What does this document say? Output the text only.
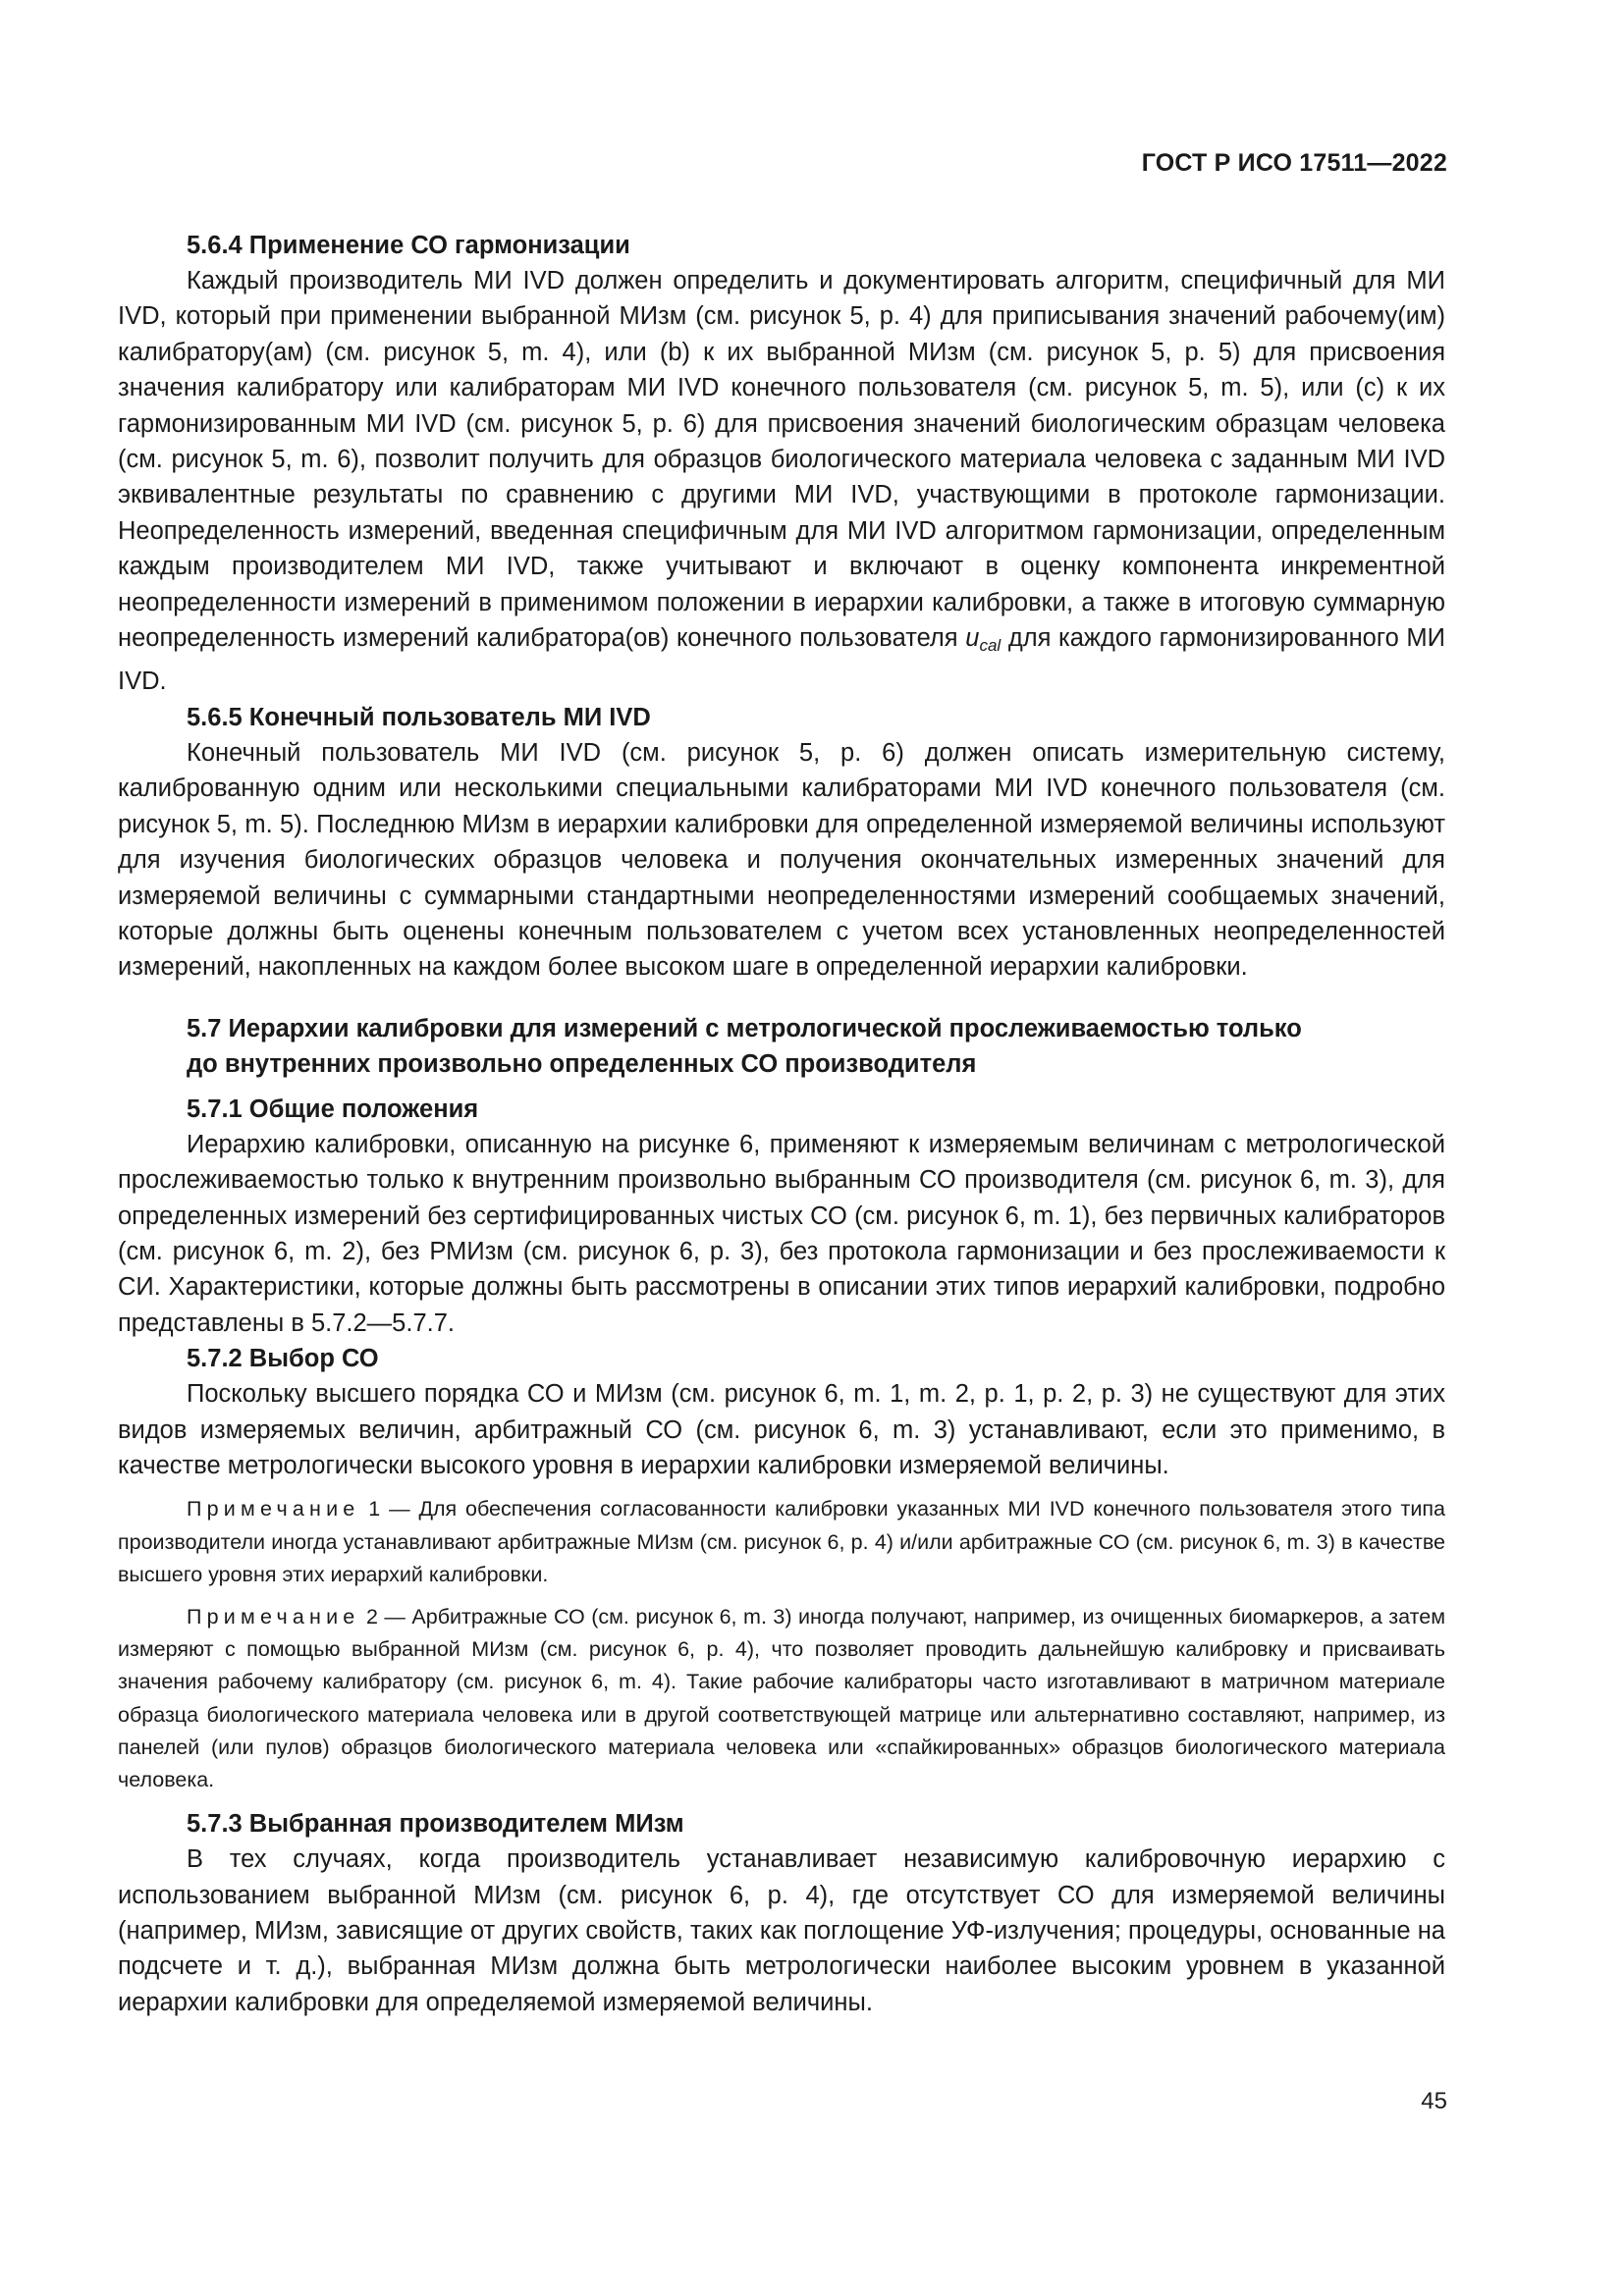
ГОСТ Р ИСО 17511—2022

5.6.4 Применение СО гармонизации

Каждый производитель МИ IVD должен определить и документировать алгоритм, специфичный для МИ IVD, который при применении выбранной МИзм (см. рисунок 5, р. 4) для приписывания значений рабочему(им) калибратору(ам) (см. рисунок 5, m. 4), или (b) к их выбранной МИзм (см. рисунок 5, р. 5) для присвоения значения калибратору или калибраторам МИ IVD конечного пользователя (см. рисунок 5, m. 5), или (с) к их гармонизированным МИ IVD (см. рисунок 5, р. 6) для присвоения значений биологическим образцам человека (см. рисунок 5, m. 6), позволит получить для образцов биологического материала человека с заданным МИ IVD эквивалентные результаты по сравнению с другими МИ IVD, участвующими в протоколе гармонизации. Неопределенность измерений, введенная специфичным для МИ IVD алгоритмом гармонизации, определенным каждым производителем МИ IVD, также учитывают и включают в оценку компонента инкрементной неопределенности измерений в применимом положении в иерархии калибровки, а также в итоговую суммарную неопределенность измерений калибратора(ов) конечного пользователя $u_{cal}$ для каждого гармонизированного МИ IVD.

5.6.5 Конечный пользователь МИ IVD

Конечный пользователь МИ IVD (см. рисунок 5, р. 6) должен описать измерительную систему, калиброванную одним или несколькими специальными калибраторами МИ IVD конечного пользователя (см. рисунок 5, m. 5). Последнюю МИзм в иерархии калибровки для определенной измеряемой величины используют для изучения биологических образцов человека и получения окончательных измеренных значений для измеряемой величины с суммарными стандартными неопределенностями измерений сообщаемых значений, которые должны быть оценены конечным пользователем с учетом всех установленных неопределенностей измерений, накопленных на каждом более высоком шаге в определенной иерархии калибровки.

5.7 Иерархии калибровки для измерений с метрологической прослеживаемостью только
до внутренних произвольно определенных СО производителя

5.7.1 Общие положения

Иерархию калибровки, описанную на рисунке 6, применяют к измеряемым величинам с метрологической прослеживаемостью только к внутренним произвольно выбранным СО производителя (см. рисунок 6, m. 3), для определенных измерений без сертифицированных чистых СО (см. рисунок 6, m. 1), без первичных калибраторов (см. рисунок 6, m. 2), без РМИзм (см. рисунок 6, р. 3), без протокола гармонизации и без прослеживаемости к СИ. Характеристики, которые должны быть рассмотрены в описании этих типов иерархий калибровки, подробно представлены в 5.7.2—5.7.7.

5.7.2 Выбор СО

Поскольку высшего порядка СО и МИзм (см. рисунок 6, m. 1, m. 2, р. 1, р. 2, р. 3) не существуют для этих видов измеряемых величин, арбитражный СО (см. рисунок 6, m. 3) устанавливают, если это применимо, в качестве метрологически высокого уровня в иерархии калибровки измеряемой величины.

Примечание 1 — Для обеспечения согласованности калибровки указанных МИ IVD конечного пользователя этого типа производители иногда устанавливают арбитражные МИзм (см. рисунок 6, р. 4) и/или арбитражные СО (см. рисунок 6, m. 3) в качестве высшего уровня этих иерархий калибровки.

Примечание 2 — Арбитражные СО (см. рисунок 6, m. 3) иногда получают, например, из очищенных биомаркеров, а затем измеряют с помощью выбранной МИзм (см. рисунок 6, р. 4), что позволяет проводить дальнейшую калибровку и присваивать значения рабочему калибратору (см. рисунок 6, m. 4). Такие рабочие калибраторы часто изготавливают в матричном материале образца биологического материала человека или в другой соответствующей матрице или альтернативно составляют, например, из панелей (или пулов) образцов биологического материала человека или «спайкированных» образцов биологического материала человека.

5.7.3 Выбранная производителем МИзм

В тех случаях, когда производитель устанавливает независимую калибровочную иерархию с использованием выбранной МИзм (см. рисунок 6, р. 4), где отсутствует СО для измеряемой величины (например, МИзм, зависящие от других свойств, таких как поглощение УФ-излучения; процедуры, основанные на подсчете и т. д.), выбранная МИзм должна быть метрологически наиболее высоким уровнем в указанной иерархии калибровки для определяемой измеряемой величины.

45
